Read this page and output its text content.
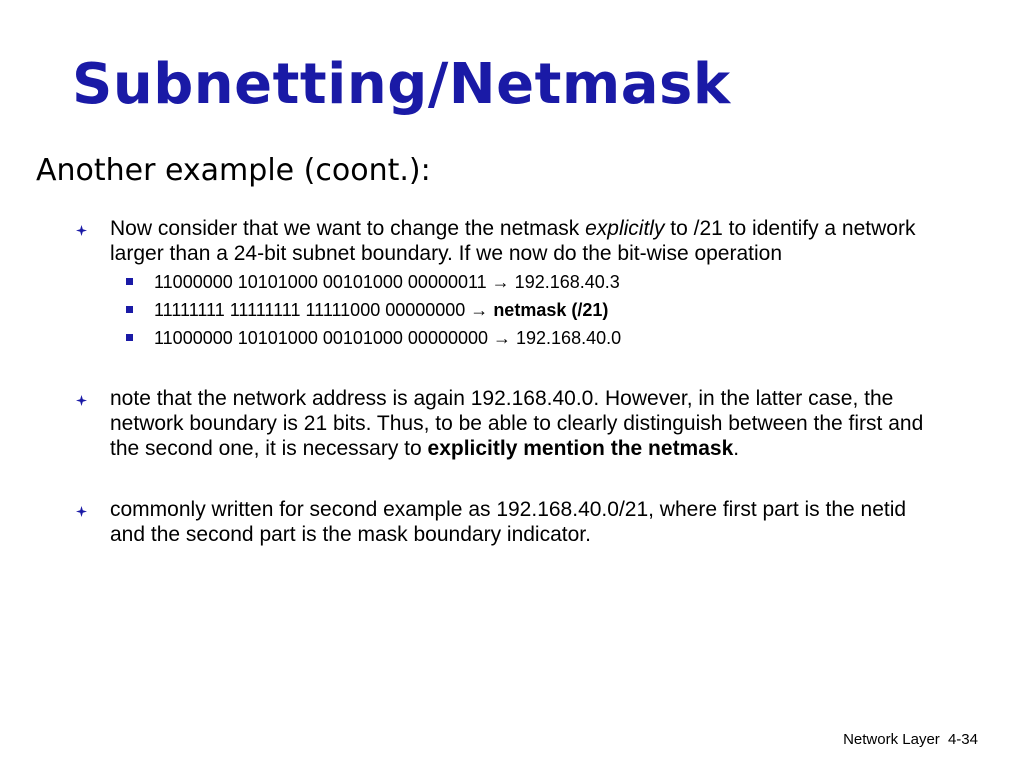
Subnetting/Netmask
Another example (coont.):
Now consider that we want to change the netmask explicitly to /21 to identify a network larger than a 24-bit subnet boundary. If we now do the bit-wise operation
11000000 10101000 00101000 00000011 → 192.168.40.3
11111111 11111111 11111000 00000000 → netmask (/21)
11000000 10101000 00101000 00000000 → 192.168.40.0
note that the network address is again 192.168.40.0. However, in the latter case, the network boundary is 21 bits. Thus, to be able to clearly distinguish between the first and the second one, it is necessary to explicitly mention the netmask.
commonly written for second example as 192.168.40.0/21, where first part is the netid and the second part is the mask boundary indicator.
Network Layer 4-34
